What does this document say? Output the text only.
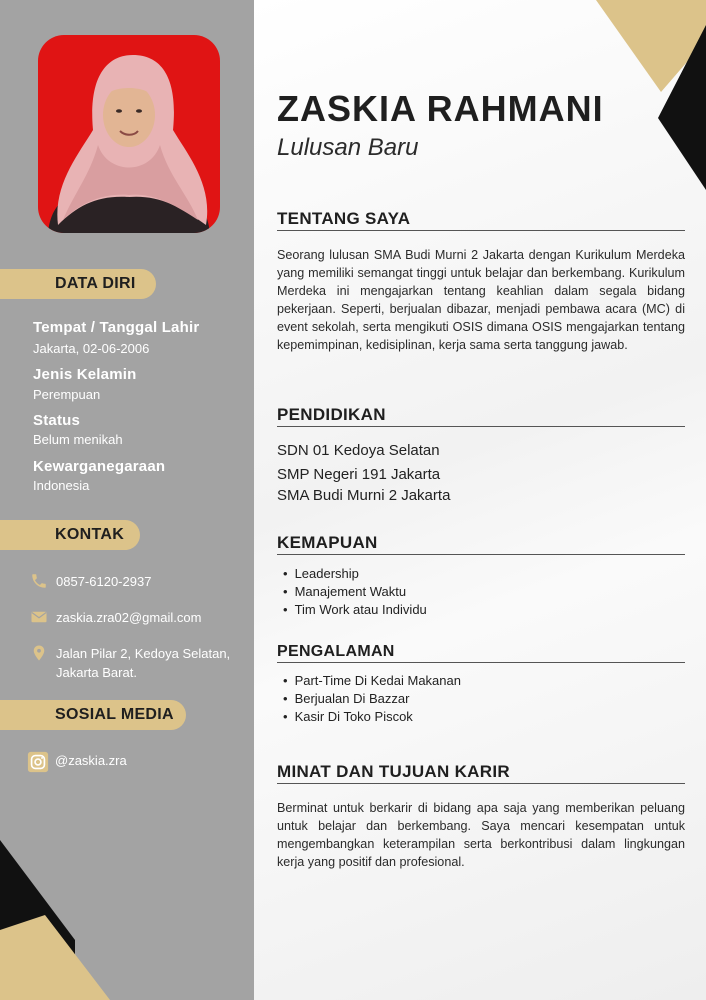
DATA DIRI
Tempat / Tanggal Lahir
Jakarta, 02-06-2006
Jenis Kelamin
Perempuan
Status
Belum menikah
Kewarganegaraan
Indonesia
KONTAK
0857-6120-2937
zaskia.zra02@gmail.com
Jalan Pilar 2, Kedoya Selatan,
Jakarta Barat.
SOSIAL MEDIA
@zaskia.zra
ZASKIA RAHMANI
Lulusan Baru
TENTANG SAYA
Seorang lulusan SMA Budi Murni 2 Jakarta dengan Kurikulum Merdeka yang memiliki semangat tinggi untuk belajar dan berkembang. Kurikulum Merdeka ini mengajarkan tentang keahlian dalam segala bidang pekerjaan. Seperti, berjualan dibazar, menjadi pembawa acara (MC) di event sekolah, serta mengikuti OSIS dimana OSIS mengajarkan tentang kepemimpinan, kedisiplinan, kerja sama serta tanggung jawab.
PENDIDIKAN
SDN 01 Kedoya Selatan
SMP Negeri 191 Jakarta
SMA Budi Murni 2 Jakarta
KEMAPUAN
• Leadership
• Manajement Waktu
• Tim Work atau Individu
PENGALAMAN
• Part-Time Di Kedai Makanan
• Berjualan Di Bazzar
• Kasir Di Toko Piscok
MINAT DAN TUJUAN KARIR
Berminat untuk berkarir di bidang apa saja yang memberikan peluang untuk belajar dan berkembang. Saya mencari kesempatan untuk mengembangkan keterampilan serta berkontribusi dalam lingkungan kerja yang positif dan profesional.
